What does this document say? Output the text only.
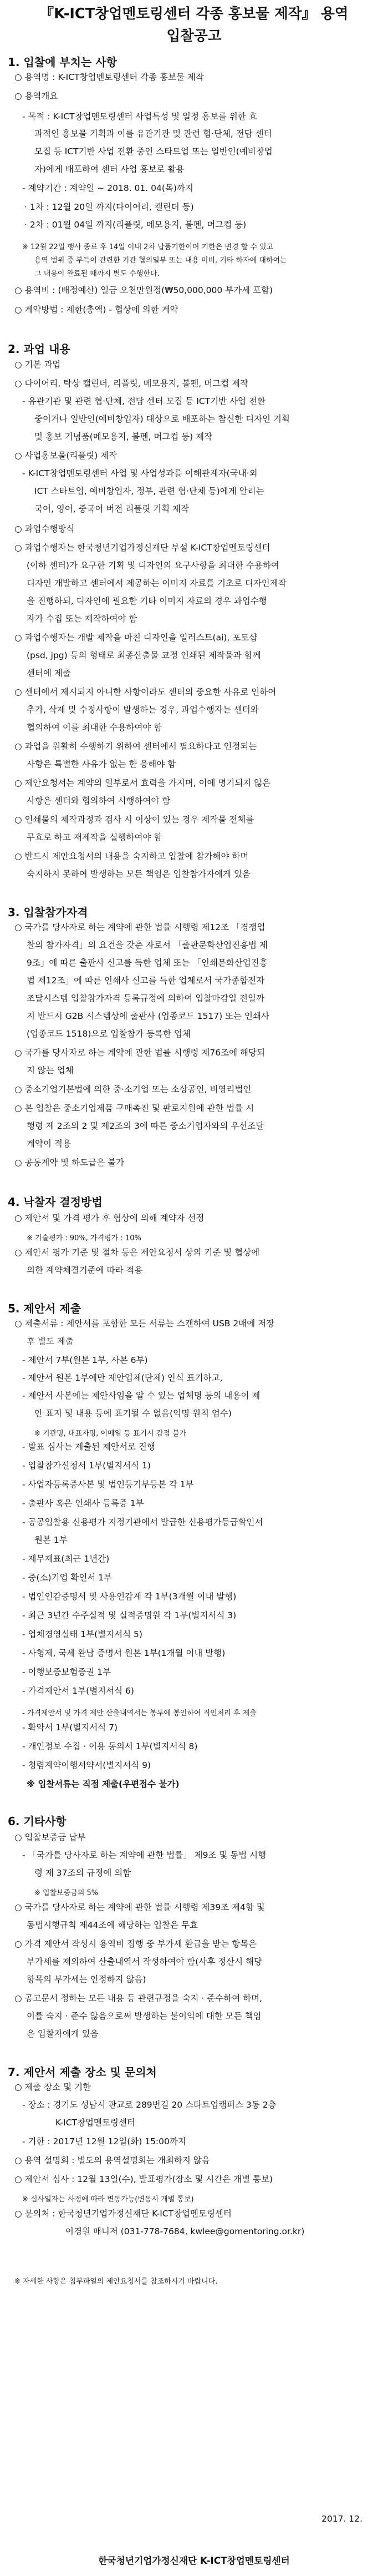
『K-ICT창업멘토링센터 각종 홍보물 제작』 용역
입찰공고
1. 입찰에 부치는 사항
○ 용역명 : K-ICT창업멘토링센터 각종 홍보물 제작
○ 용역개요
- 목적 : K-ICT창업멘토링센터 사업특성 및 일정 홍보를 위한 효
과적인 홍보물 기획과 이를 유관기관 및 관련 협·단체, 전담 센터
모집 등 ICT기반 사업 전환 중인 스타트업 또는 일반인(예비창업
자)에게 배포하여 센터 사업 홍보로 활용
- 계약기간 : 계약일 ~ 2018. 01. 04(목)까지
· 1차 : 12월 20일 까지(다이어리, 캘린더 등)
· 2차 : 01월 04일 까지(리플릿, 메모용지, 볼펜, 머그컵 등)
※ 12월 22일 행사 종료 후 14일 이내 2차 납품기한이며 기한은 변경 할 수 있고
용역 범위 중 부득이 관련한 기관 협의일부 또는 내용 미비, 기타 하자에 대하여는
그 내용이 완료될 때까지 별도 수행한다.
○ 용역비 : (배정예산) 일금 오천만원정(₩50,000,000 부가세 포함)
○ 계약방법 : 제한(총액) - 협상에 의한 계약
2. 과업 내용
○ 기본 과업
○ 다이어리, 탁상 캘린더, 리플릿, 메모용지, 볼펜, 머그컵 제작
- 유관기관 및 관련 협·단체, 전담 센터 모집 등 ICT기반 사업 전환
중이거나 일반인(예비창업자) 대상으로 배포하는 참신한 디자인 기획
및 홍보 기념품(메모용지, 볼펜, 머그컵 등) 제작
○ 사업홍보물(리플릿) 제작
- K-ICT창업멘토링센터 사업 및 사업성과를 이해관계자(국내·외
ICT 스타트업, 예비창업자, 정부, 관련 협·단체 등)에게 알리는
국어, 영어, 중국어 버전 리플릿 기획 제작
○ 과업수행방식
○ 과업수행자는 한국청년기업가정신재단 부설 K-ICT창업멘토링센터
(이하 센터)가 요구한 기획 및 디자인의 요구사항을 최대한 수용하여
디자인 개발하고 센터에서 제공하는 이미지 자료를 기초로 디자인제작
을 진행하되, 디자인에 필요한 기타 이미지 자료의 경우 과업수행
자가 수집 또는 제작하여야 함
○ 과업수행자는 개발 제작을 마친 디자인을 일러스트(ai), 포토샵
(psd, jpg) 등의 형태로 최종산출물 교정 인쇄된 제작물과 함께
센터에 제출
○ 센터에서 제시되지 아니한 사항이라도 센터의 중요한 사유로 인하여
추가, 삭제 및 수정사항이 발생하는 경우, 과업수행자는 센터와
협의하여 이를 최대한 수용하여야 함
○ 과업을 원활히 수행하기 위하여 센터에서 필요하다고 인정되는
사항은 특별한 사유가 없는 한 응해야 함
○ 제안요청서는 계약의 일부로서 효력을 가지며, 이에 명기되지 않은
사항은 센터와 협의하여 시행하여야 함
○ 인쇄물의 제작과정과 검사 시 이상이 있는 경우 제작물 전체를
무효로 하고 재제작을 실행하여야 함
○ 반드시 제안요청서의 내용을 숙지하고 입찰에 참가해야 하며
숙지하지 못하여 발생하는 모든 책임은 입찰참가자에게 있음
3. 입찰참가자격
○ 국가를 당사자로 하는 계약에 관한 법률 시행령 제12조 「경쟁입
찰의 참가자격」의 요건을 갖춘 자로서 「출판문화산업진흥법 제
9조」에 따른 출판사 신고를 득한 업체 또는 「인쇄문화산업진흥
법 제12조」에 따른 인쇄사 신고를 득한 업체로서 국가종합전자
조달시스템 입찰참가자격 등록규정에 의하여 입찰마감일 전일까
지 반드시 G2B 시스템상에 출판사 (업종코드 1517) 또는 인쇄사
(업종코드 1518)으로 입찰참가 등록한 업체
○ 국가를 당사자로 하는 계약에 관한 법률 시행령 제76조에 해당되
지 않는 업체
○ 중소기업기본법에 의한 중·소기업 또는 소상공인, 비영리법인
○ 본 입찰은 중소기업제품 구매촉진 및 판로지원에 관한 법률 시
행령 제 2조의 2 및 제2조의 3에 따른 중소기업자와의 우선조달
계약이 적용
○ 공동계약 및 하도급은 불가
4. 낙찰자 결정방법
○ 제안서 및 가격 평가 후 협상에 의해 계약자 선정
※ 기술평가 : 90%, 가격평가 : 10%
○ 제안서 평가 기준 및 절차 등은 제안요청서 상의 기준 및 협상에
의한 계약체결기준에 따라 적용
5. 제안서 제출
○ 제출서류 : 제안서를 포함한 모든 서류는 스캔하여 USB 2매에 저장
후 별도 제출
- 제안서 7부(원본 1부, 사본 6부)
- 제안서 원본 1부에만 제안업체(단체) 인식 표기하고,
- 제안서 사본에는 제안사임을 알 수 있는 업체명 등의 내용이 제
안 표지 및 내용 등에 표기될 수 없음(익명 원칙 엄수)
※ 기관명, 대표자명, 이메일 등 표기시 감점 불가
- 발표 심사는 제출된 제안서로 진행
- 입찰참가신청서 1부(별지서식 1)
- 사업자등록증사본 및 법인등기부등본 각 1부
- 출판사 혹은 인쇄사 등록증 1부
- 공공입찰용 신용평가 지정기관에서 발급한 신용평가등급확인서
원본 1부
- 재무제표(최근 1년간)
- 중(소)기업 확인서 1부
- 법인인감증명서 및 사용인감계 각 1부(3개월 이내 발행)
- 최근 3년간 수주실적 및 실적증명원 각 1부(별지서식 3)
- 업체경영실태 1부(별지서식 5)
- 사형제, 국세 완납 증명서 원본 1부(1개월 이내 발행)
- 이행보증보험증권 1부
- 가격제안서 1부(별지서식 6)
- 가격제안서 및 가격 제안 산출내역서는 봉투에 봉인하여 직인처리 후 제출
- 확약서 1부(별지서식 7)
- 개인정보 수집 · 이용 동의서 1부(별지서식 8)
- 청렴계약이행서약서(별지서식 9)
※ 입찰서류는 직접 제출(우편접수 불가)
6. 기타사항
○ 입찰보증금 납부
- 「국가를 당사자로 하는 계약에 관한 법률」 제9조 및 동법 시행
령 제 37조의 규정에 의함
※ 입찰보증금의 5%
○ 국가를 당사자로 하는 계약에 관한 법률 시행령 제39조 제4항 및
동법시행규칙 제44조에 해당하는 입찰은 무효
○ 가격 제안서 작성시 용역비 집행 중 부가세 환급을 받는 항목은
부가세를 제외하여 산출내역서 작성하여야 함(사후 정산시 해당
항목의 부가세는 인정하지 않음)
○ 공고문서 정하는 모든 내용 등 관련규정을 숙지 · 준수하여 하며,
이를 숙지 · 준수 않음으로써 발생하는 불이익에 대한 모든 책임
은 입찰자에게 있음
7. 제안서 제출 장소 및 문의처
○ 제출 장소 및 기한
- 장소 : 경기도 성남시 판교로 289번길 20 스타트업캠퍼스 3동 2층
K-ICT창업멘토링센터
- 기한 : 2017년 12월 12일(화) 15:00까지
○ 용역 설명회 : 별도의 용역설명회는 개최하지 않음
○ 제안서 심사 : 12월 13일(수), 발표평가(장소 및 시간은 개별 통보)
※ 심사일자는 사정에 따라 변동가능(변동시 개별 통보)
○ 문의처 : 한국청년기업가정신재단 K-ICT창업멘토링센터
이경원 매니저 (031-778-7684, kwlee@gomentoring.or.kr)
※ 자세한 사항은 첨부파일의 제안요청서를 참조하시기 바랍니다.
2017. 12.
한국청년기업가정신재단 K-ICT창업멘토링센터
